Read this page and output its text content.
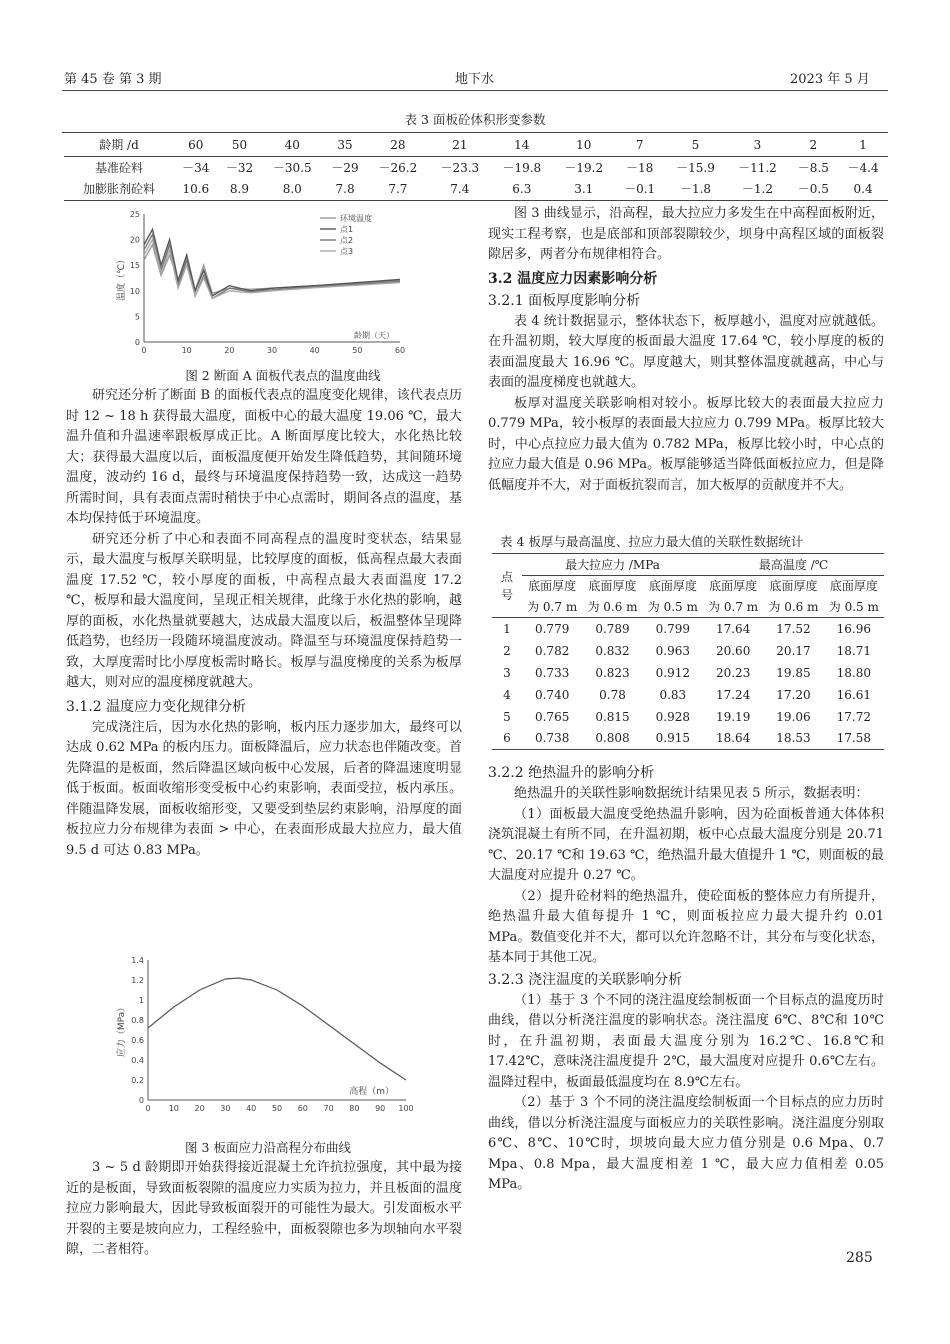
第 45 卷 第 3 期	地下水	2023 年 5 月
表 3 面板砼体积形变参数
龄期 /d	60	50	40	35	28	21	14	10	7	5	3	2	1
基准砼料	－34	－32	－30.5	－29	－26.2	－23.3	－19.8	－19.2	－18	－15.9	－11.2	－8.5	－4.4
加膨胀剂砼料	10.6	8.9	8.0	7.8	7.7	7.4	6.3	3.1	－0.1	－1.8	－1.2	－0.5	0.4
25
20
15
10
5
0
0	10	20	30	40	50	60
温度（℃）
龄期（天）
环境温度
点1
点2
点3
图 2 断面 A 面板代表点的温度曲线

研究还分析了断面 B 的面板代表点的温度变化规律，该代表点历时 12 ~ 18 h 获得最大温度，面板中心的最大温度 19.06 ℃，最大温升值和升温速率跟板厚成正比。A 断面厚度比较大，水化热比较大；获得最大温度以后，面板温度便开始发生降低趋势，其间随环境温度，波动约 16 d，最终与环境温度保持趋势一致，达成这一趋势所需时间，具有表面点需时稍快于中心点需时，期间各点的温度，基本均保持低于环境温度。

研究还分析了中心和表面不同高程点的温度时变状态，结果显示，最大温度与板厚关联明显，比较厚度的面板，低高程点最大表面温度 17.52 ℃，较小厚度的面板，中高程点最大表面温度 17.2 ℃，板厚和最大温度间，呈现正相关规律，此缘于水化热的影响，越厚的面板，水化热量就要越大，达成最大温度以后，板温整体呈现降低趋势，也经历一段随环境温度波动。降温至与环境温度保持趋势一致，大厚度需时比小厚度板需时略长。板厚与温度梯度的关系为板厚越大，则对应的温度梯度就越大。

3.1.2 温度应力变化规律分析

完成浇注后，因为水化热的影响，板内压力逐步加大，最终可以达成 0.62 MPa 的板内压力。面板降温后，应力状态也伴随改变。首先降温的是板面，然后降温区域向板中心发展，后者的降温速度明显低于板面。板面收缩形变受板中心约束影响，表面受拉，板内承压。伴随温降发展，面板收缩形变，又要受到垫层约束影响，沿厚度的面板拉应力分布规律为表面 > 中心，在表面形成最大拉应力，最大值 9.5 d 可达 0.83 MPa。

1.4
1.2
1
0.8
0.6
0.4
0.2
0
0 10 20 30 40 50 60 70 80 90 100
应力（MPa）
高程（m）
图 3 板面应力沿高程分布曲线

3 ~ 5 d 龄期即开始获得接近混凝土允许抗拉强度，其中最为接近的是板面，导致面板裂隙的温度应力实质为拉力，并且板面的温度拉应力影响最大，因此导致板面裂开的可能性为最大。引发面板水平开裂的主要是坡向应力，工程经验中，面板裂隙也多为坝轴向水平裂隙，二者相符。

图 3 曲线显示，沿高程，最大拉应力多发生在中高程面板附近，现实工程考察，也是底部和顶部裂隙较少，坝身中高程区域的面板裂隙居多，两者分布规律相符合。

3.2 温度应力因素影响分析

3.2.1 面板厚度影响分析

表 4 统计数据显示，整体状态下，板厚越小，温度对应就越低。在升温初期，较大厚度的板面最大温度 17.64 ℃，较小厚度的板的表面温度最大 16.96 ℃。厚度越大，则其整体温度就越高，中心与表面的温度梯度也就越大。

板厚对温度关联影响相对较小。板厚比较大的表面最大拉应力 0.779 MPa，较小板厚的表面最大拉应力 0.799 MPa。板厚比较大时，中心点拉应力最大值为 0.782 MPa，板厚比较小时，中心点的拉应力最大值是 0.96 MPa。板厚能够适当降低面板拉应力，但是降低幅度并不大，对于面板抗裂而言，加大板厚的贡献度并不大。

表 4 板厚与最高温度、拉应力最大值的关联性数据统计
点
号	最大拉应力 /MPa			最高温度 /℃		
	底面厚度	底面厚度	底面厚度	底面厚度	底面厚度	底面厚度
	为 0.7 m	为 0.6 m	为 0.5 m	为 0.7 m	为 0.6 m	为 0.5 m
1	0.779	0.789	0.799	17.64	17.52	16.96
2	0.782	0.832	0.963	20.60	20.17	18.71
3	0.733	0.823	0.912	20.23	19.85	18.80
4	0.740	0.78	0.83	17.24	17.20	16.61
5	0.765	0.815	0.928	19.19	19.06	17.72
6	0.738	0.808	0.915	18.64	18.53	17.58

3.2.2 绝热温升的影响分析

绝热温升的关联性影响数据统计结果见表 5 所示，数据表明：

（1）面板最大温度受绝热温升影响，因为砼面板普通大体体积浇筑混凝土有所不同，在升温初期，板中心点最大温度分别是 20.71 ℃、20.17 ℃和 19.63 ℃，绝热温升最大值提升 1 ℃，则面板的最大温度对应提升 0.27 ℃。

（2）提升砼材料的绝热温升，使砼面板的整体应力有所提升，绝热温升最大值每提升 1 ℃，则面板拉应力最大提升约 0.01 MPa。数值变化并不大，都可以允许忽略不计，其分布与变化状态，基本同于其他工况。

3.2.3 浇注温度的关联影响分析

（1）基于 3 个不同的浇注温度绘制板面一个目标点的温度历时曲线，借以分析浇注温度的影响状态。浇注温度 6℃、8℃和 10℃时，在升温初期，表面最大温度分别为 16.2℃、16.8℃和 17.42℃，意味浇注温度提升 2℃，最大温度对应提升 0.6℃左右。温降过程中，板面最低温度均在 8.9℃左右。

（2）基于 3 个不同的浇注温度绘制板面一个目标点的应力历时曲线，借以分析浇注温度与面板应力的关联性影响。浇注温度分别取 6℃、8℃、10℃时，坝坡向最大应力值分别是 0.6 Mpa、0.7 Mpa、0.8 Mpa，最大温度相差 1 ℃，最大应力值相差 0.05 MPa。

285
